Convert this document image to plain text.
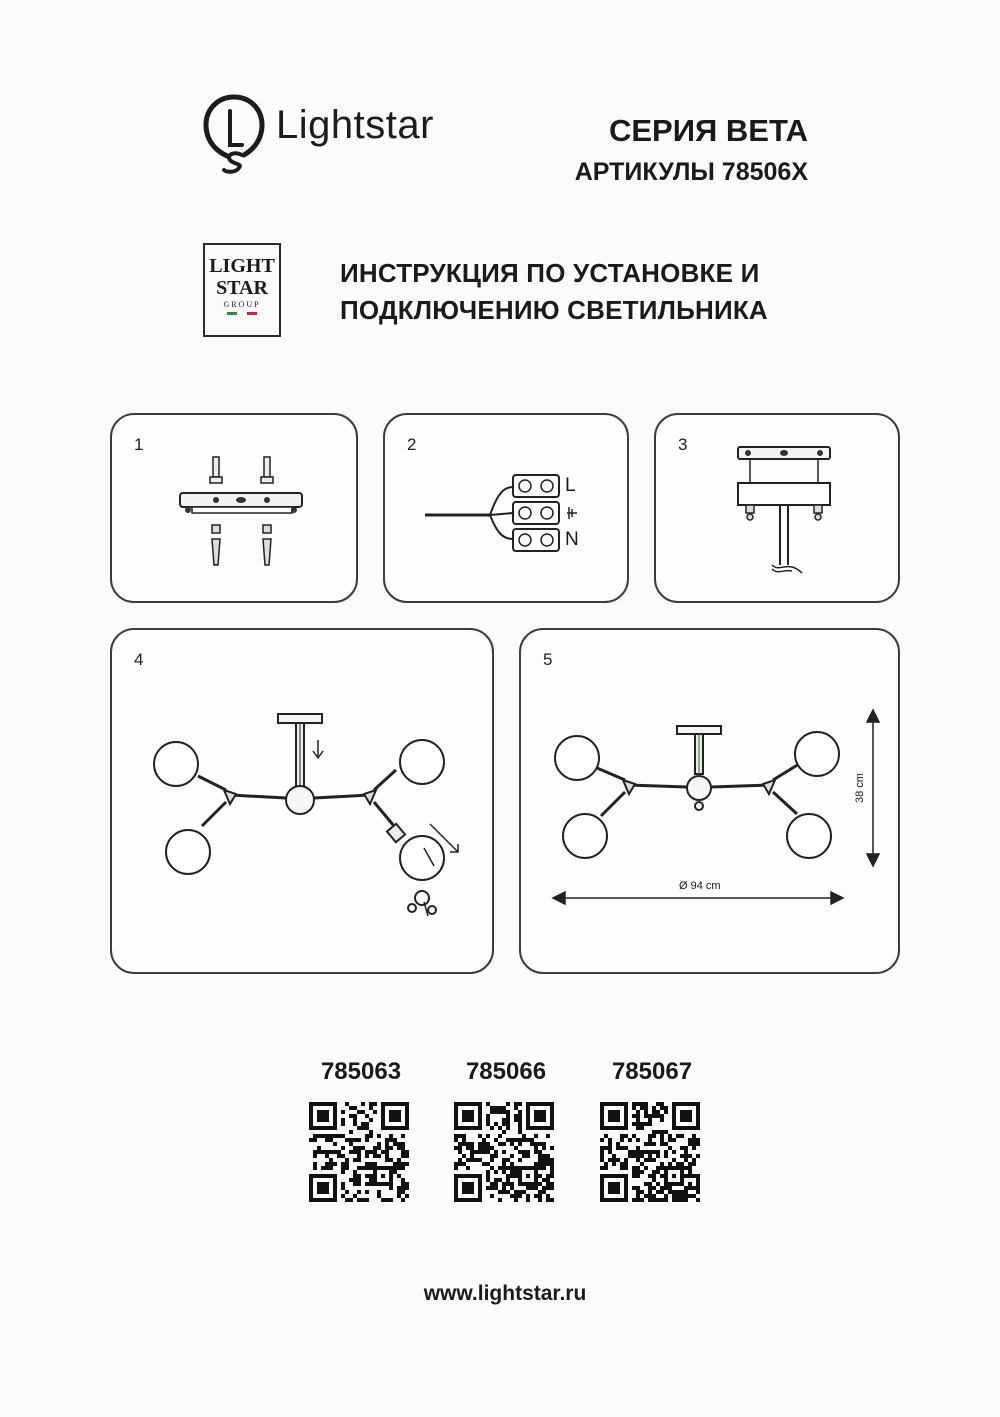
Lightstar	СЕРИЯ BETA
АРТИКУЛЫ 78506X
LIGHT
STAR
GROUP
ИНСТРУКЦИЯ ПО УСТАНОВКЕ И
ПОДКЛЮЧЕНИЮ СВЕТИЛЬНИКА
1	2
L
N
3
4	5
38 cm
Ø 94 cm
785063	785066	785067
www.lightstar.ru
